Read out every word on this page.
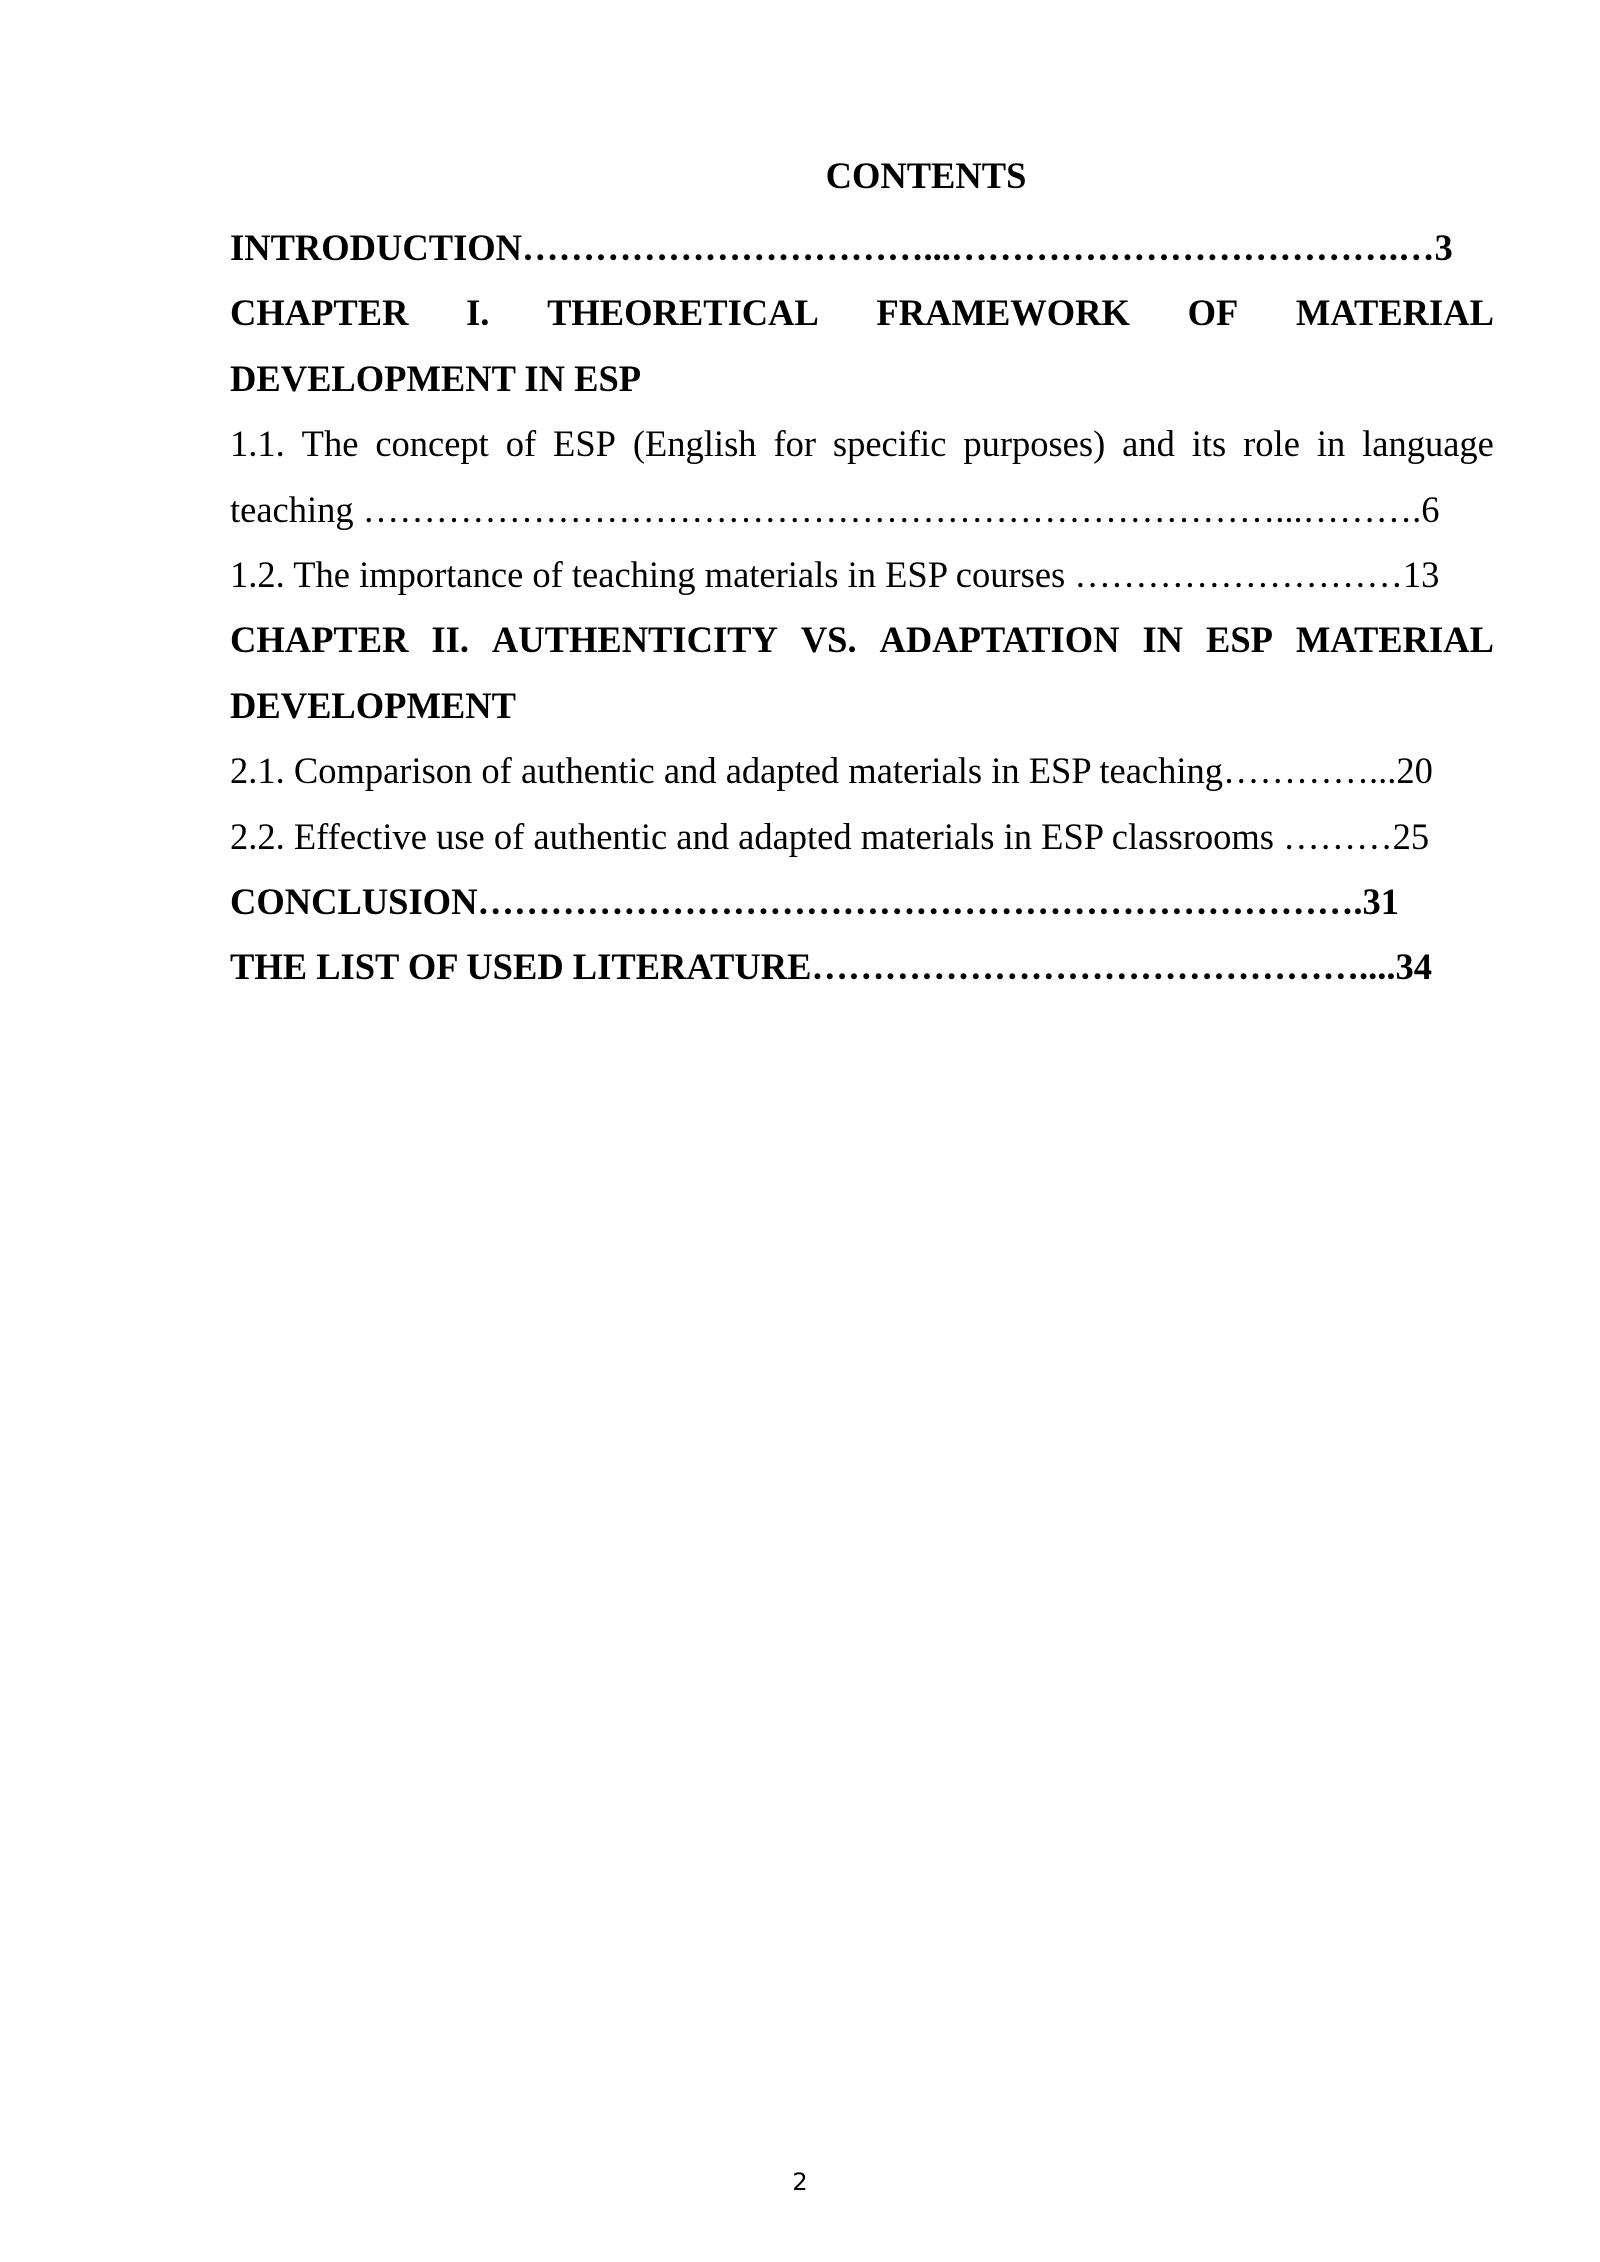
CONTENTS
INTRODUCTION……………………………...……………………………….…3
CHAPTER I. THEORETICAL FRAMEWORK OF MATERIAL
DEVELOPMENT IN ESP
1.1. The concept of ESP (English for specific purposes) and its role in language
teaching …………………………………………………………………...……….6
1.2. The importance of teaching materials in ESP courses ………………………13
CHAPTER II. AUTHENTICITY VS. ADAPTATION IN ESP MATERIAL
DEVELOPMENT
2.1. Comparison of authentic and adapted materials in ESP teaching…………...20
2.2. Effective use of authentic and adapted materials in ESP classrooms ………25
CONCLUSION……………………………………………………………….31
THE LIST OF USED LITERATURE………………………………………....34
2
